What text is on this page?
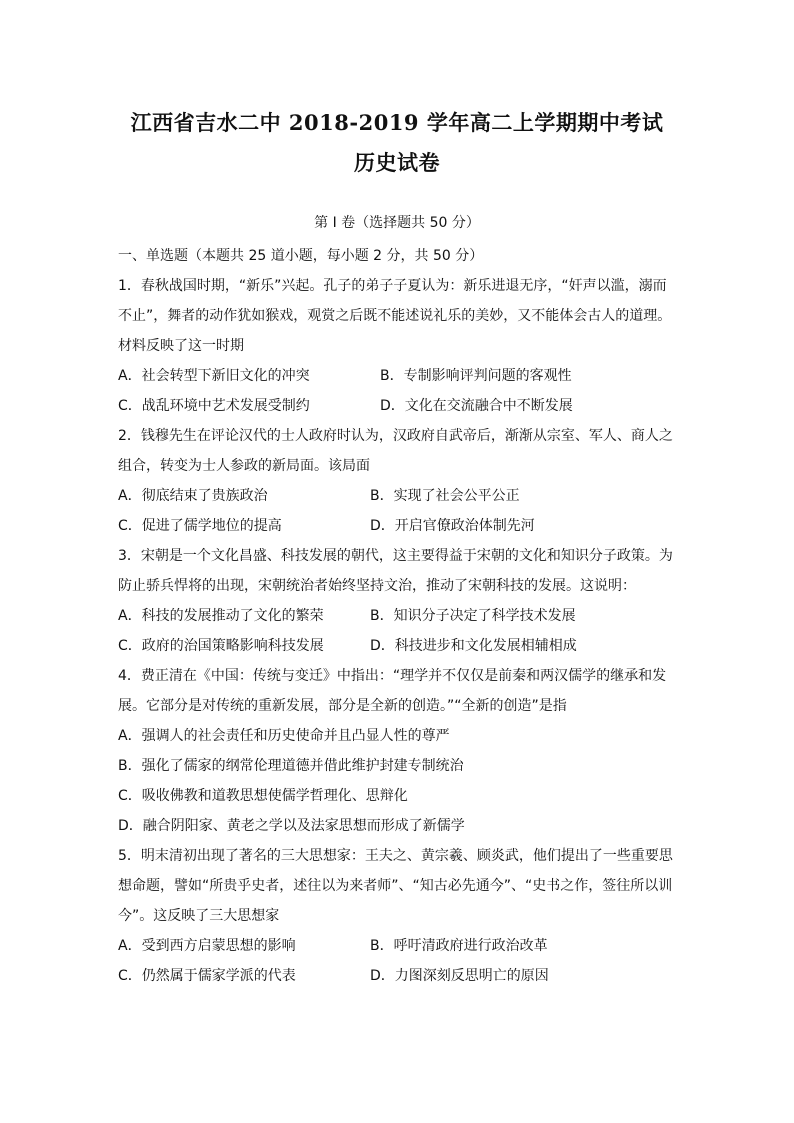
江西省吉水二中 2018-2019 学年高二上学期期中考试
历史试卷
第 I 卷（选择题共 50 分）
一、单选题（本题共 25 道小题，每小题 2 分，共 50 分）
1．春秋战国时期，“新乐”兴起。孔子的弟子子夏认为：新乐进退无序，“奸声以滥，溺而
不止”，舞者的动作犹如猴戏，观赏之后既不能述说礼乐的美妙，又不能体会古人的道理。
材料反映了这一时期
A．社会转型下新旧文化的冲突	B．专制影响评判问题的客观性
C．战乱环境中艺术发展受制约	D．文化在交流融合中不断发展
2．钱穆先生在评论汉代的士人政府时认为，汉政府自武帝后，渐渐从宗室、军人、商人之
组合，转变为士人参政的新局面。该局面
A．彻底结束了贵族政治	B．实现了社会公平公正
C．促进了儒学地位的提高	D．开启官僚政治体制先河
3．宋朝是一个文化昌盛、科技发展的朝代，这主要得益于宋朝的文化和知识分子政策。为
防止骄兵悍将的出现，宋朝统治者始终坚持文治，推动了宋朝科技的发展。这说明：
A．科技的发展推动了文化的繁荣	B．知识分子决定了科学技术发展
C．政府的治国策略影响科技发展	D．科技进步和文化发展相辅相成
4．费正清在《中国：传统与变迁》中指出：“理学并不仅仅是前秦和两汉儒学的继承和发
展。它部分是对传统的重新发展，部分是全新的创造。”“全新的创造”是指
A．强调人的社会责任和历史使命并且凸显人性的尊严
B．强化了儒家的纲常伦理道德并借此维护封建专制统治
C．吸收佛教和道教思想使儒学哲理化、思辩化
D．融合阴阳家、黄老之学以及法家思想而形成了新儒学
5．明末清初出现了著名的三大思想家：王夫之、黄宗羲、顾炎武，他们提出了一些重要思
想命题，譬如“所贵乎史者，述往以为来者师”、“知古必先通今”、“史书之作，签往所以训
今”。这反映了三大思想家
A．受到西方启蒙思想的影响	B．呼吁清政府进行政治改革
C．仍然属于儒家学派的代表	D．力图深刻反思明亡的原因
